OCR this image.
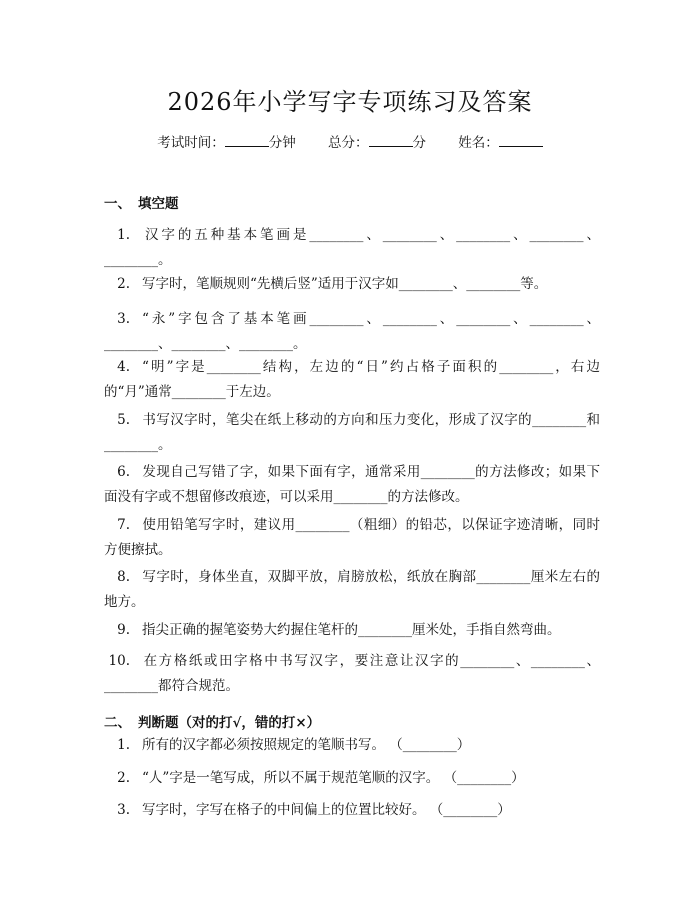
2026年小学写字专项练习及答案
考试时间：	分钟 总分：	分 姓名：
一、 填空题
1. 汉字的五种基本笔画是________、________、________、________、________。
2. 写字时，笔顺规则“先横后竖”适用于汉字如________、________等。
3. “永”字包含了基本笔画________、________、________、________、________、________、________。
4. “明”字是________结构，左边的“日”约占格子面积的________，右边的“月”通常________于左边。
5. 书写汉字时，笔尖在纸上移动的方向和压力变化，形成了汉字的________和________。
6. 发现自己写错了字，如果下面有字，通常采用________的方法修改；如果下面没有字或不想留修改痕迹，可以采用________的方法修改。
7. 使用铅笔写字时，建议用________（粗细）的铅芯，以保证字迹清晰，同时方便擦拭。
8. 写字时，身体坐直，双脚平放，肩膀放松，纸放在胸部________厘米左右的地方。
9. 指尖正确的握笔姿势大约握住笔杆的________厘米处，手指自然弯曲。
10. 在方格纸或田字格中书写汉字，要注意让汉字的________、________、________都符合规范。
二、 判断题（对的打√，错的打×）
1. 所有的汉字都必须按照规定的笔顺书写。 （________）
2. “人”字是一笔写成，所以不属于规范笔顺的汉字。 （________）
3. 写字时，字写在格子的中间偏上的位置比较好。 （________）
